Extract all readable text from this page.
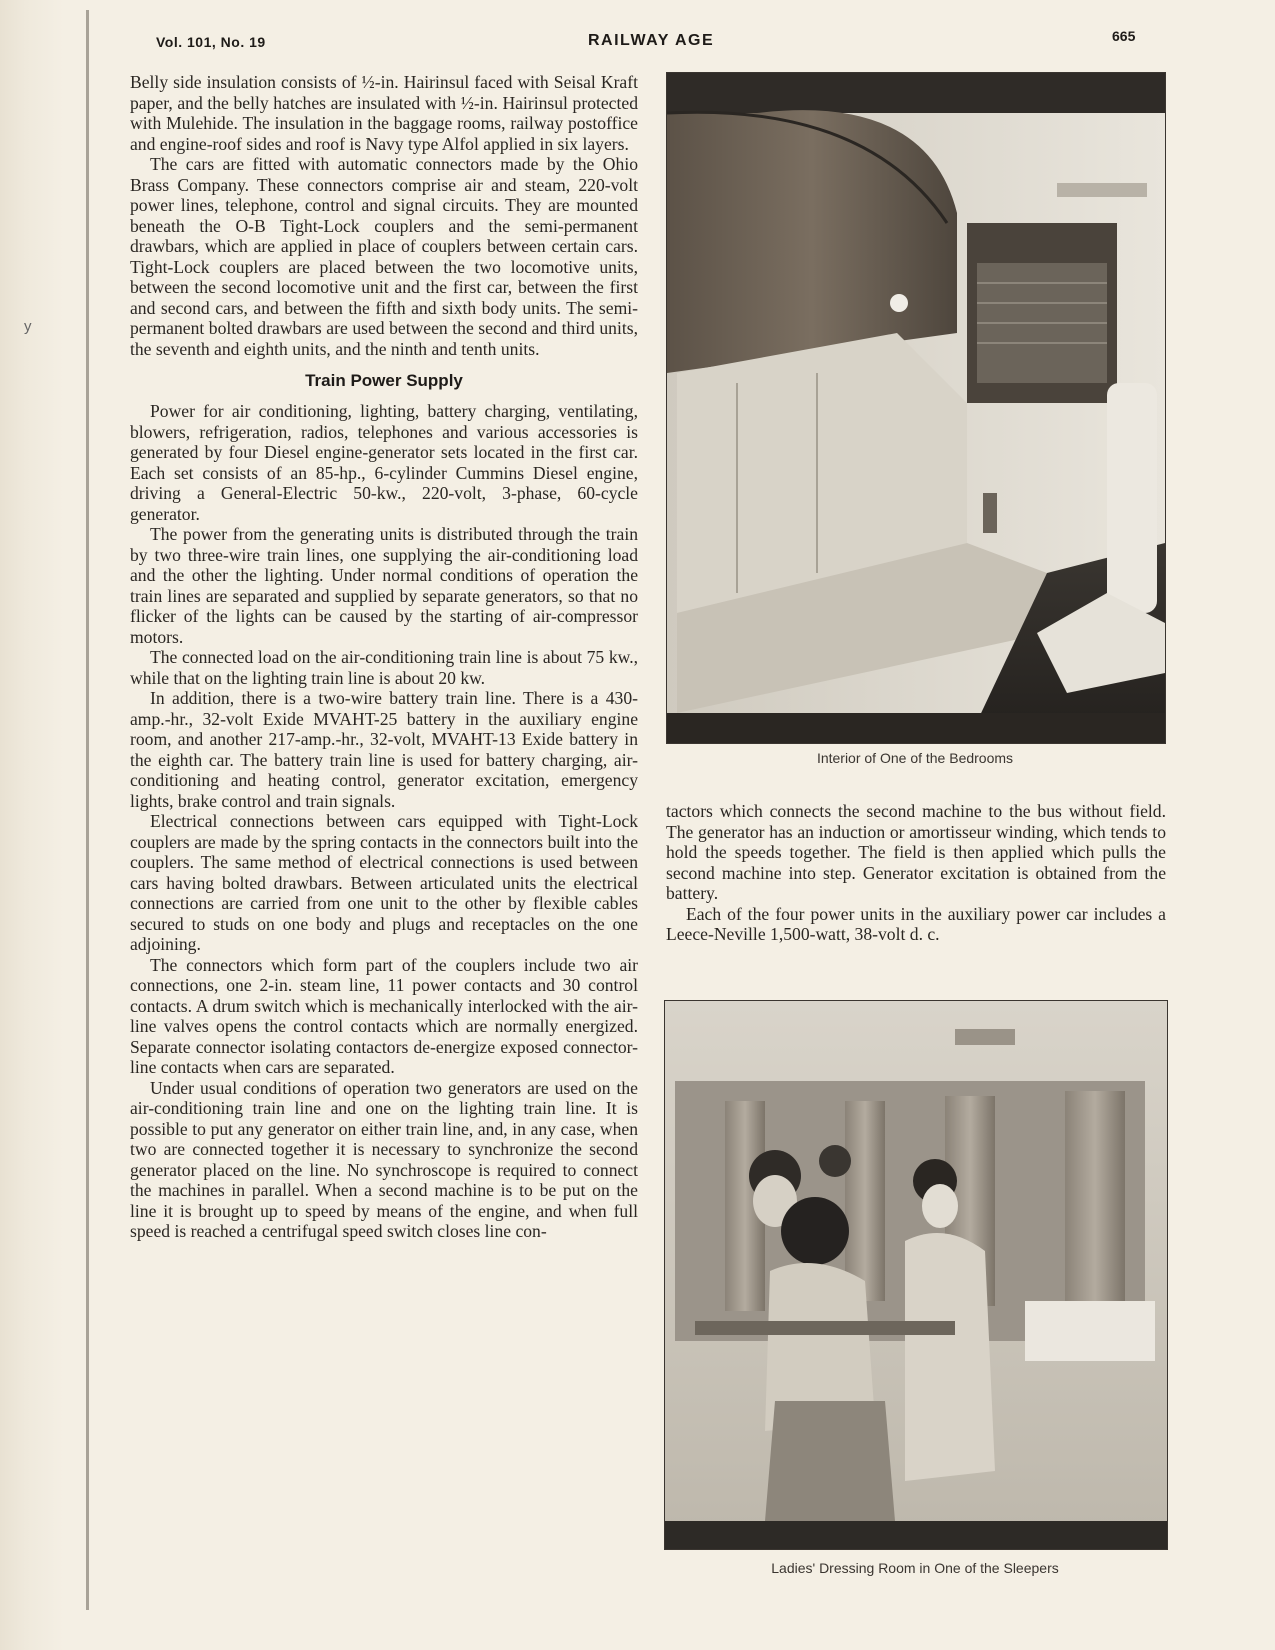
y
Vol. 101, No. 19	RAILWAY AGE	665

Belly side insulation consists of ½-in. Hairinsul faced with Seisal Kraft paper, and the belly hatches are insulated with ½-in. Hairinsul protected with Mulehide. The insulation in the baggage rooms, railway postoffice and engine-roof sides and roof is Navy type Alfol applied in six layers.

The cars are fitted with automatic connectors made by the Ohio Brass Company. These connectors comprise air and steam, 220-volt power lines, telephone, control and signal circuits. They are mounted beneath the O-B Tight-Lock couplers and the semi-permanent drawbars, which are applied in place of couplers between certain cars. Tight-Lock couplers are placed between the two locomotive units, between the second locomotive unit and the first car, between the first and second cars, and between the fifth and sixth body units. The semi-permanent bolted drawbars are used between the second and third units, the seventh and eighth units, and the ninth and tenth units.

Train Power Supply

Power for air conditioning, lighting, battery charging, ventilating, blowers, refrigeration, radios, telephones and various accessories is generated by four Diesel engine-generator sets located in the first car. Each set consists of an 85-hp., 6-cylinder Cummins Diesel engine, driving a General-Electric 50-kw., 220-volt, 3-phase, 60-cycle generator.

The power from the generating units is distributed through the train by two three-wire train lines, one supplying the air-conditioning load and the other the lighting. Under normal conditions of operation the train lines are separated and supplied by separate generators, so that no flicker of the lights can be caused by the starting of air-compressor motors.

The connected load on the air-conditioning train line is about 75 kw., while that on the lighting train line is about 20 kw.

In addition, there is a two-wire battery train line. There is a 430-amp.-hr., 32-volt Exide MVAHT-25 battery in the auxiliary engine room, and another 217-amp.-hr., 32-volt, MVAHT-13 Exide battery in the eighth car. The battery train line is used for battery charging, air-conditioning and heating control, generator excitation, emergency lights, brake control and train signals.

Electrical connections between cars equipped with Tight-Lock couplers are made by the spring contacts in the connectors built into the couplers. The same method of electrical connections is used between cars having bolted drawbars. Between articulated units the electrical connections are carried from one unit to the other by flexible cables secured to studs on one body and plugs and receptacles on the one adjoining.

The connectors which form part of the couplers include two air connections, one 2-in. steam line, 11 power contacts and 30 control contacts. A drum switch which is mechanically interlocked with the air-line valves opens the control contacts which are normally energized. Separate connector isolating contactors de-energize exposed connector-line contacts when cars are separated.

Under usual conditions of operation two generators are used on the air-conditioning train line and one on the lighting train line. It is possible to put any generator on either train line, and, in any case, when two are connected together it is necessary to synchronize the second generator placed on the line. No synchroscope is required to connect the machines in parallel. When a second machine is to be put on the line it is brought up to speed by means of the engine, and when full speed is reached a centrifugal speed switch closes line con-

Interior of One of the Bedrooms

tactors which connects the second machine to the bus without field. The generator has an induction or amortisseur winding, which tends to hold the speeds together. The field is then applied which pulls the second machine into step. Generator excitation is obtained from the battery.

Each of the four power units in the auxiliary power car includes a Leece-Neville 1,500-watt, 38-volt d. c.

Ladies' Dressing Room in One of the Sleepers
